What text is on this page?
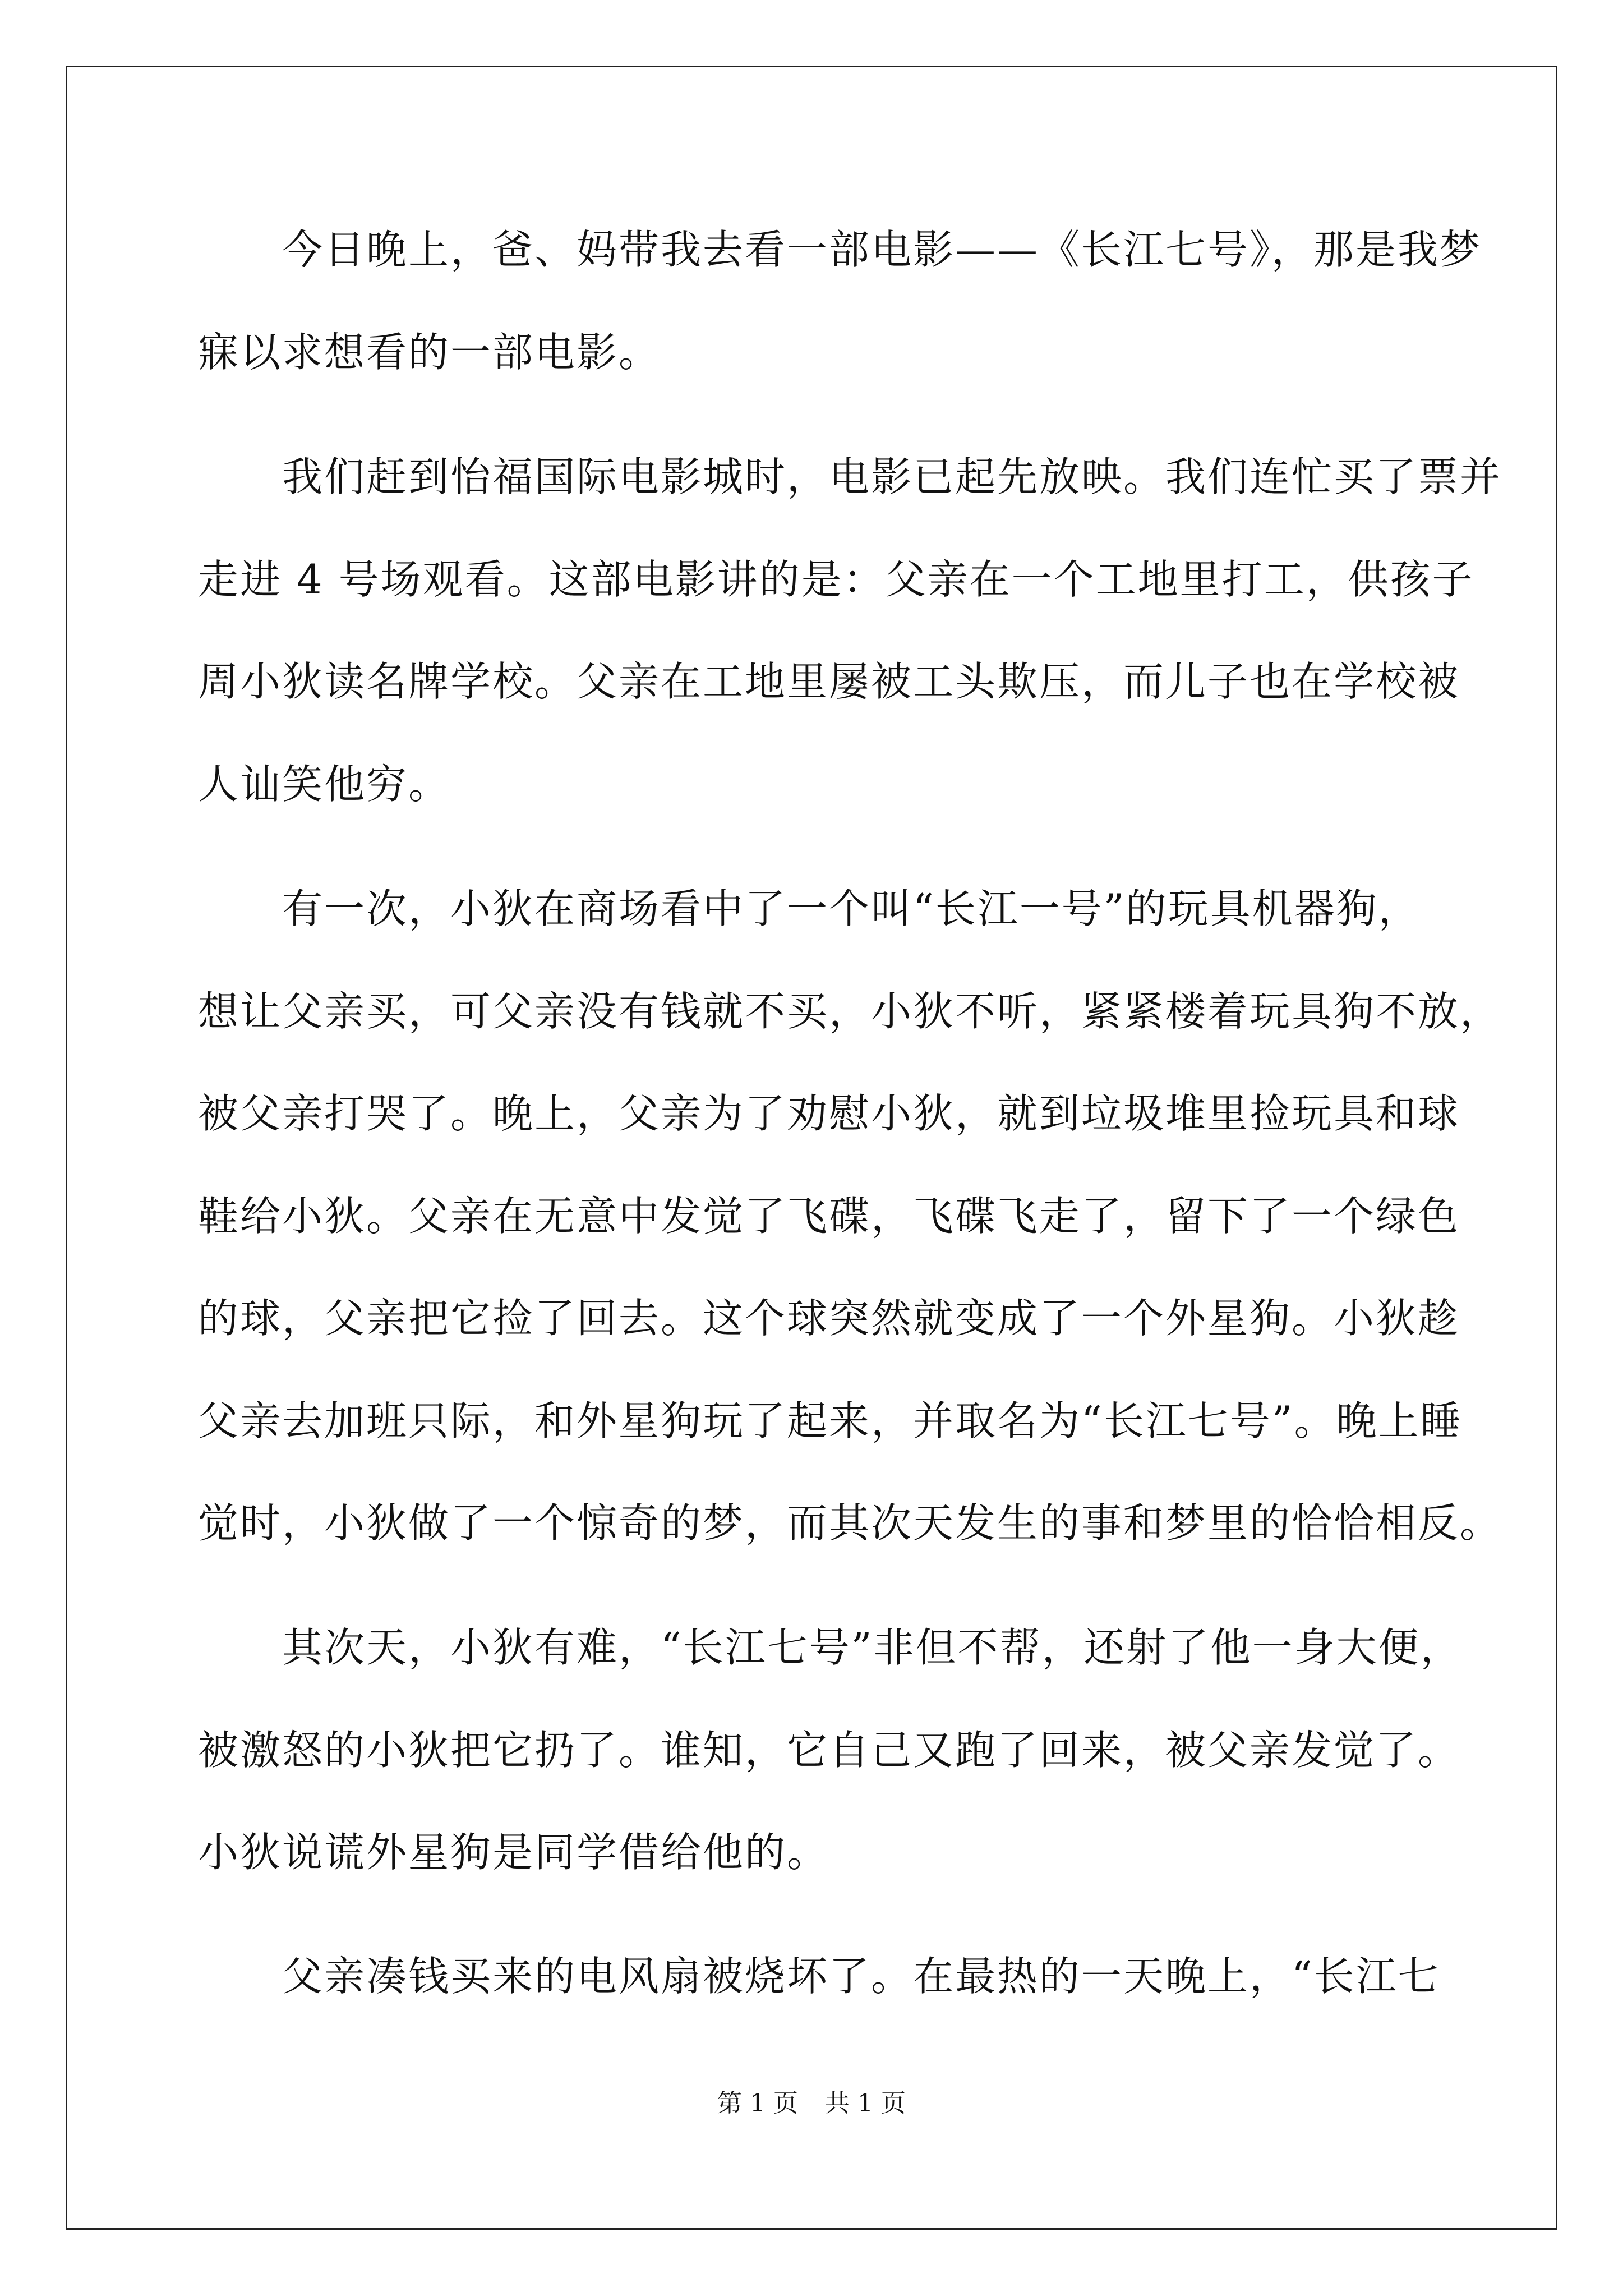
　　今日晚上，爸、妈带我去看一部电影——《长江七号》，那是我梦
寐以求想看的一部电影。
　　我们赶到怡福国际电影城时，电影已起先放映。我们连忙买了票并
走进 4 号场观看。这部电影讲的是：父亲在一个工地里打工，供孩子
周小狄读名牌学校。父亲在工地里屡被工头欺压，而儿子也在学校被
人讪笑他穷。
　　有一次，小狄在商场看中了一个叫“长江一号”的玩具机器狗，
想让父亲买，可父亲没有钱就不买，小狄不听，紧紧楼着玩具狗不放，
被父亲打哭了。晚上，父亲为了劝慰小狄，就到垃圾堆里捡玩具和球
鞋给小狄。父亲在无意中发觉了飞碟，飞碟飞走了，留下了一个绿色
的球，父亲把它捡了回去。这个球突然就变成了一个外星狗。小狄趁
父亲去加班只际，和外星狗玩了起来，并取名为“长江七号”。晚上睡
觉时，小狄做了一个惊奇的梦，而其次天发生的事和梦里的恰恰相反。
　　其次天，小狄有难，“长江七号”非但不帮，还射了他一身大便，
被激怒的小狄把它扔了。谁知，它自己又跑了回来，被父亲发觉了。
小狄说谎外星狗是同学借给他的。
　　父亲凑钱买来的电风扇被烧坏了。在最热的一天晚上，“长江七
第 1 页 共 1 页
